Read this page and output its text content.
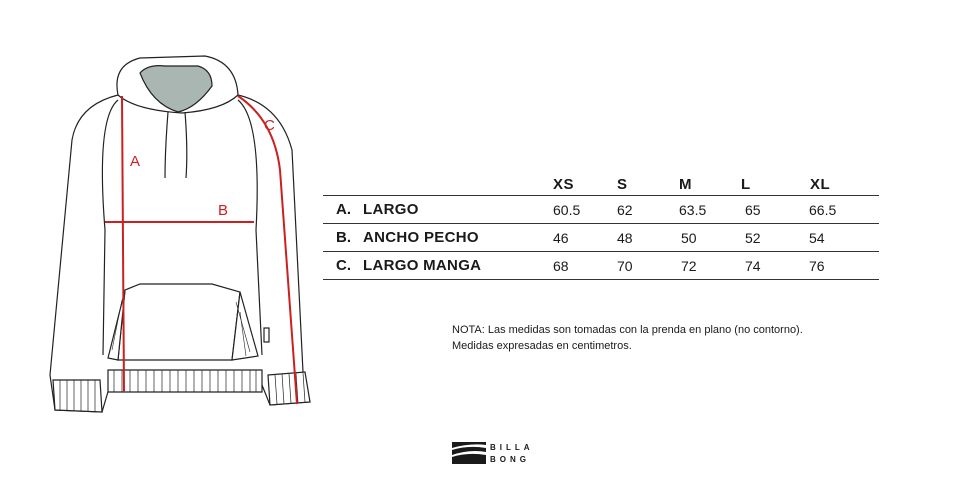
A
B
C
XS	S	M	L	XL
A. LARGO	60.5	62	63.5	65	66.5
B. ANCHO PECHO	46	48	50	52	54
C. LARGO MANGA	68	70	72	74	76
NOTA: Las medidas son tomadas con la prenda en plano (no contorno).
Medidas expresadas en centimetros.
BILLA
BONG
